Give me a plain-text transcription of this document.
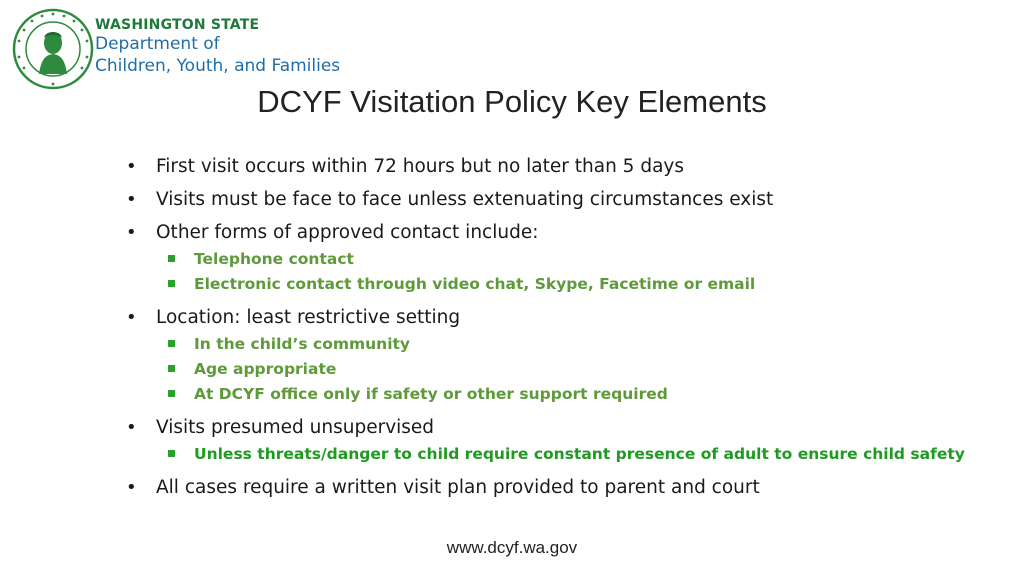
WASHINGTON STATE
Department of
Children, Youth, and Families
DCYF Visitation Policy Key Elements
• First visit occurs within 72 hours but no later than 5 days
• Visits must be face to face unless extenuating circumstances exist
• Other forms of approved contact include:
Telephone contact
Electronic contact through video chat, Skype, Facetime or email
• Location: least restrictive setting
In the child’s community
Age appropriate
At DCYF office only if safety or other support required
• Visits presumed unsupervised
Unless threats/danger to child require constant presence of adult to ensure child safety
• All cases require a written visit plan provided to parent and court
www.dcyf.wa.gov
